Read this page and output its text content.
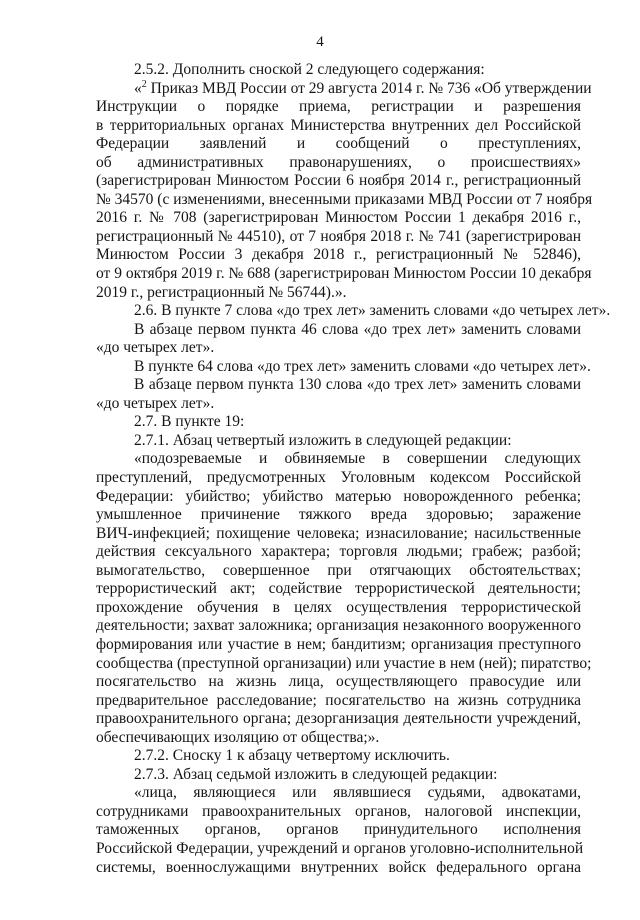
4
2.5.2. Дополнить сноской 2 следующего содержания:
«$^2$ Приказ МВД России от 29 августа 2014 г. № 736 «Об утверждении
Инструкции о порядке приема, регистрации и разрешения
в территориальных органах Министерства внутренних дел Российской
Федерации заявлений и сообщений о преступлениях,
об административных правонарушениях, о происшествиях»
(зарегистрирован Минюстом России 6 ноября 2014 г., регистрационный
№ 34570 (с изменениями, внесенными приказами МВД России от 7 ноября
2016 г. № 708 (зарегистрирован Минюстом России 1 декабря 2016 г.,
регистрационный № 44510), от 7 ноября 2018 г. № 741 (зарегистрирован
Минюстом России 3 декабря 2018 г., регистрационный № 52846),
от 9 октября 2019 г. № 688 (зарегистрирован Минюстом России 10 декабря
2019 г., регистрационный № 56744).».
2.6. В пункте 7 слова «до трех лет» заменить словами «до четырех лет».
В абзаце первом пункта 46 слова «до трех лет» заменить словами
«до четырех лет».
В пункте 64 слова «до трех лет» заменить словами «до четырех лет».
В абзаце первом пункта 130 слова «до трех лет» заменить словами
«до четырех лет».
2.7. В пункте 19:
2.7.1. Абзац четвертый изложить в следующей редакции:
«подозреваемые и обвиняемые в совершении следующих
преступлений, предусмотренных Уголовным кодексом Российской
Федерации: убийство; убийство матерью новорожденного ребенка;
умышленное причинение тяжкого вреда здоровью; заражение
ВИЧ-инфекцией; похищение человека; изнасилование; насильственные
действия сексуального характера; торговля людьми; грабеж; разбой;
вымогательство, совершенное при отягчающих обстоятельствах;
террористический акт; содействие террористической деятельности;
прохождение обучения в целях осуществления террористической
деятельности; захват заложника; организация незаконного вооруженного
формирования или участие в нем; бандитизм; организация преступного
сообщества (преступной организации) или участие в нем (ней); пиратство;
посягательство на жизнь лица, осуществляющего правосудие или
предварительное расследование; посягательство на жизнь сотрудника
правоохранительного органа; дезорганизация деятельности учреждений,
обеспечивающих изоляцию от общества;».
2.7.2. Сноску 1 к абзацу четвертому исключить.
2.7.3. Абзац седьмой изложить в следующей редакции:
«лица, являющиеся или являвшиеся судьями, адвокатами,
сотрудниками правоохранительных органов, налоговой инспекции,
таможенных органов, органов принудительного исполнения
Российской Федерации, учреждений и органов уголовно-исполнительной
системы, военнослужащими внутренних войск федерального органа
